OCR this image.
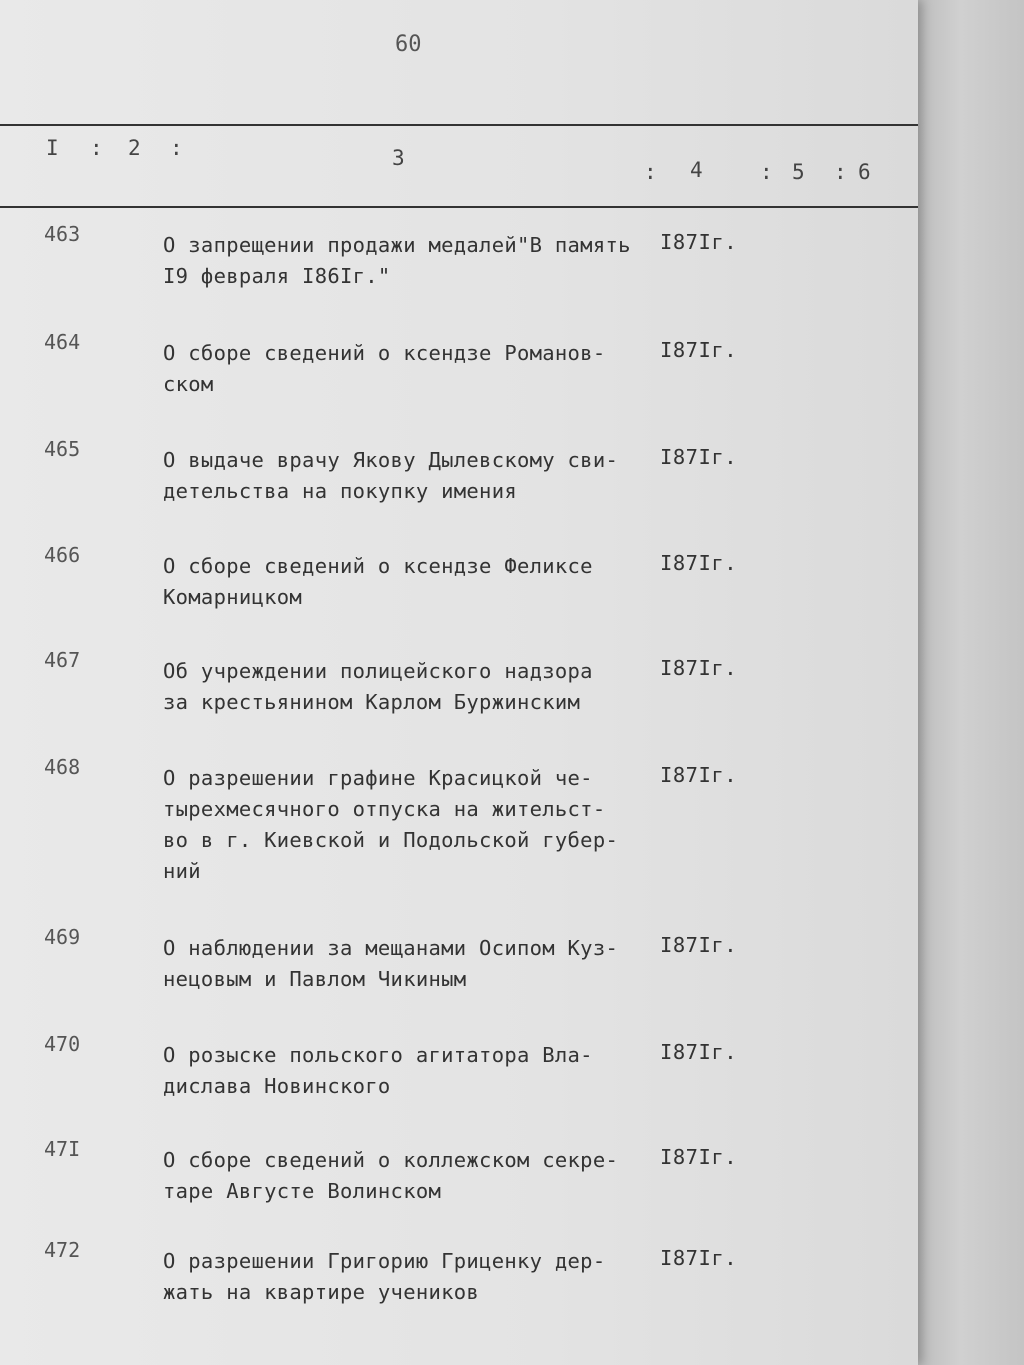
60
I : 2 :	3
: 4	: 5 : 6
463	О запрещении продажи медалей"В память
I9 февраля I86Iг."
I87Iг.
464	О сборе сведений о ксендзе Романов-
ском
I87Iг.
465	О выдаче врачу Якову Дылевскому сви-
детельства на покупку имения
I87Iг.
466	О сборе сведений о ксендзе Феликсе
Комарницком
I87Iг.
467	Об учреждении полицейского надзора
за крестьянином Карлом Буржинским
I87Iг.
468	О разрешении графине Красицкой че-
тырехмесячного отпуска на жительст-
во в г. Киевской и Подольской губер-
ний
I87Iг.
469	О наблюдении за мещанами Осипом Куз-
нецовым и Павлом Чикиным
I87Iг.
470	О розыске польского агитатора Вла-
дислава Новинского
I87Iг.
47I	О сборе сведений о коллежском секре-
таре Августе Волинском
I87Iг.
472	О разрешении Григорию Гриценку дер-
жать на квартире учеников
I87Iг.
